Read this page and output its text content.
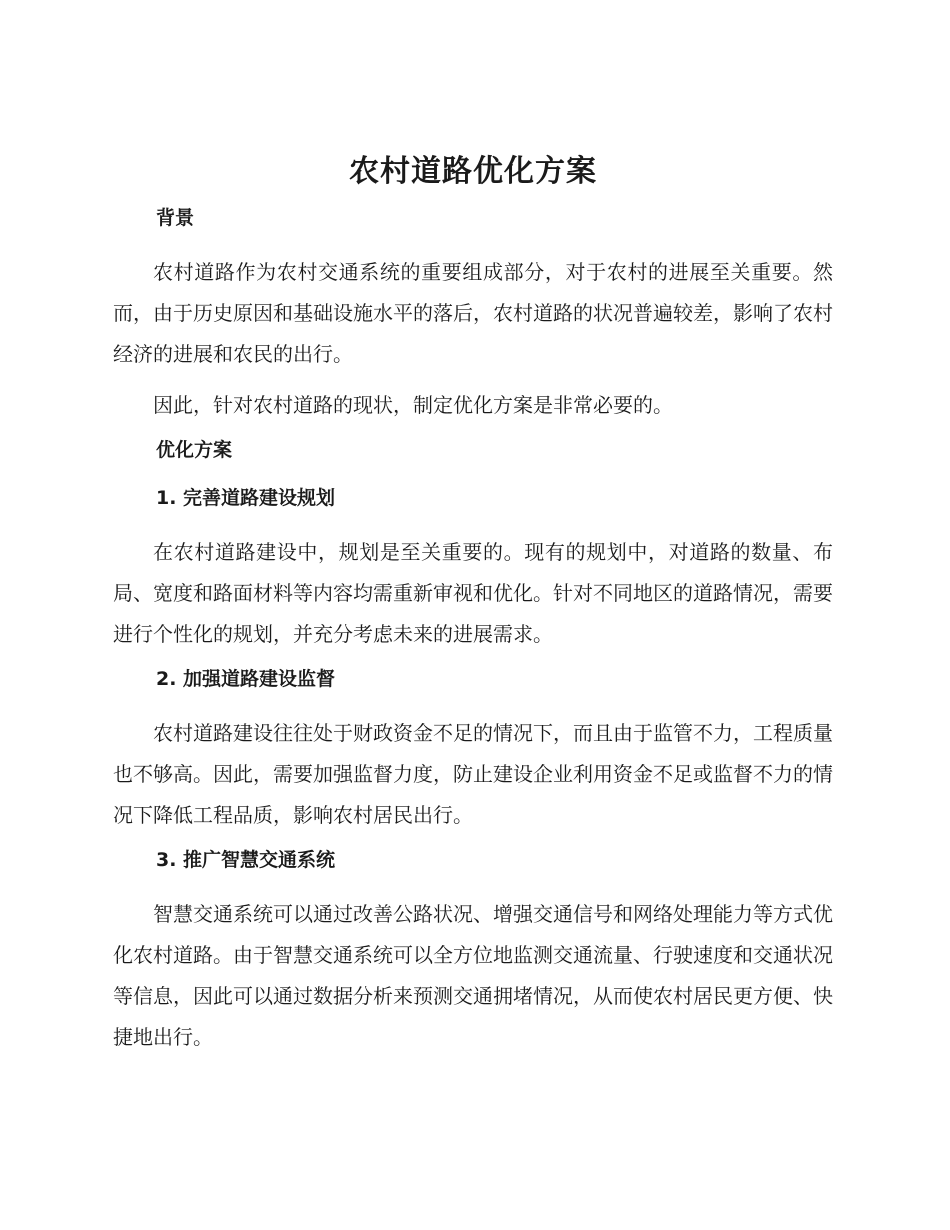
农村道路优化方案
背景

农村道路作为农村交通系统的重要组成部分，对于农村的进展至关重要。然而，由于历史原因和基础设施水平的落后，农村道路的状况普遍较差，影响了农村经济的进展和农民的出行。

因此，针对农村道路的现状，制定优化方案是非常必要的。

优化方案
1. 完善道路建设规划

在农村道路建设中，规划是至关重要的。现有的规划中，对道路的数量、布局、宽度和路面材料等内容均需重新审视和优化。针对不同地区的道路情况，需要进行个性化的规划，并充分考虑未来的进展需求。

2. 加强道路建设监督

农村道路建设往往处于财政资金不足的情况下，而且由于监管不力，工程质量也不够高。因此，需要加强监督力度，防止建设企业利用资金不足或监督不力的情况下降低工程品质，影响农村居民出行。

3. 推广智慧交通系统

智慧交通系统可以通过改善公路状况、增强交通信号和网络处理能力等方式优化农村道路。由于智慧交通系统可以全方位地监测交通流量、行驶速度和交通状况等信息，因此可以通过数据分析来预测交通拥堵情况，从而使农村居民更方便、快捷地出行。
